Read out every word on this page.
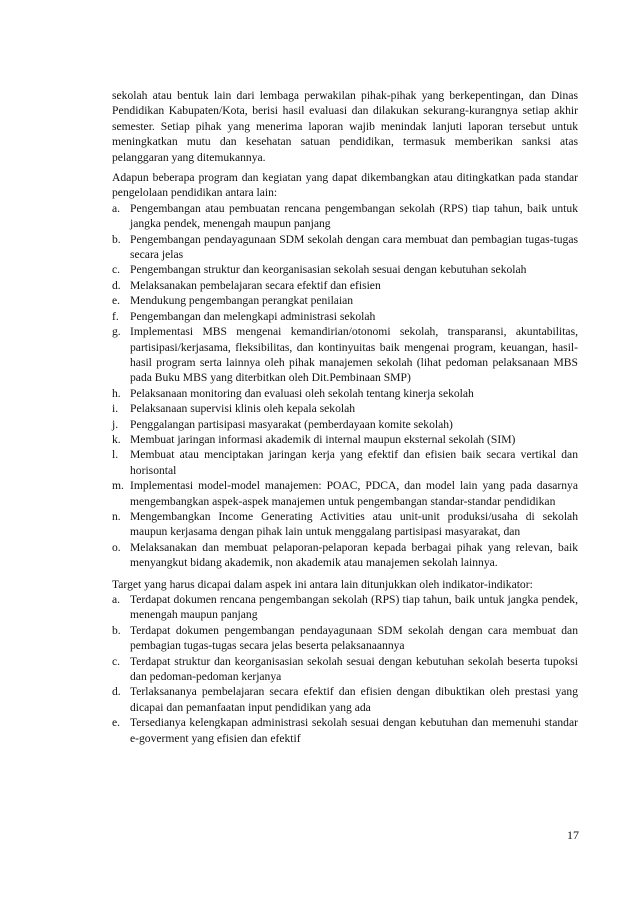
sekolah atau bentuk lain dari lembaga perwakilan pihak-pihak yang berkepentingan, dan Dinas Pendidikan Kabupaten/Kota, berisi hasil evaluasi dan dilakukan sekurang-kurangnya setiap akhir semester. Setiap pihak yang menerima laporan wajib menindak lanjuti laporan tersebut untuk meningkatkan mutu dan kesehatan satuan pendidikan, termasuk memberikan sanksi atas pelanggaran yang ditemukannya.

Adapun beberapa program dan kegiatan yang dapat dikembangkan atau ditingkatkan pada standar pengelolaan pendidikan antara lain:

a. Pengembangan atau pembuatan rencana pengembangan sekolah (RPS) tiap tahun, baik untuk jangka pendek, menengah maupun panjang
b. Pengembangan pendayagunaan SDM sekolah dengan cara membuat dan pembagian tugas-tugas secara jelas
c. Pengembangan struktur dan keorganisasian sekolah sesuai dengan kebutuhan sekolah
d. Melaksanakan pembelajaran secara efektif dan efisien
e. Mendukung pengembangan perangkat penilaian
f. Pengembangan dan melengkapi administrasi sekolah
g. Implementasi MBS mengenai kemandirian/otonomi sekolah, transparansi, akuntabilitas, partisipasi/kerjasama, fleksibilitas, dan kontinyuitas baik mengenai program, keuangan, hasil-hasil program serta lainnya oleh pihak manajemen sekolah (lihat pedoman pelaksanaan MBS pada Buku MBS yang diterbitkan oleh Dit.Pembinaan SMP)
h. Pelaksanaan monitoring dan evaluasi oleh sekolah tentang kinerja sekolah
i.	Pelaksanaan supervisi klinis oleh kepala sekolah
j.	Penggalangan partisipasi masyarakat (pemberdayaan komite sekolah)
k. Membuat jaringan informasi akademik di internal maupun eksternal sekolah (SIM)
l.	Membuat atau menciptakan jaringan kerja yang efektif dan efisien baik secara vertikal dan horisontal
m. Implementasi model-model manajemen: POAC, PDCA, dan model lain yang pada dasarnya mengembangkan aspek-aspek manajemen untuk pengembangan standar-standar pendidikan
n. Mengembangkan Income Generating Activities atau unit-unit produksi/usaha di sekolah maupun kerjasama dengan pihak lain untuk menggalang partisipasi masyarakat, dan
o. Melaksanakan dan membuat pelaporan-pelaporan kepada berbagai pihak yang relevan, baik menyangkut bidang akademik, non akademik atau manajemen sekolah lainnya.

Target yang harus dicapai dalam aspek ini antara lain ditunjukkan oleh indikator-indikator:

a. Terdapat dokumen rencana pengembangan sekolah (RPS) tiap tahun, baik untuk jangka pendek, menengah maupun panjang
b. Terdapat dokumen pengembangan pendayagunaan SDM sekolah dengan cara membuat dan pembagian tugas-tugas secara jelas beserta pelaksanaannya
c. Terdapat struktur dan keorganisasian sekolah sesuai dengan kebutuhan sekolah beserta tupoksi dan pedoman-pedoman kerjanya
d. Terlaksananya pembelajaran secara efektif dan efisien dengan dibuktikan oleh prestasi yang dicapai dan pemanfaatan input pendidikan yang ada
e. Tersedianya kelengkapan administrasi sekolah sesuai dengan kebutuhan dan memenuhi standar e-goverment yang efisien dan efektif
17
